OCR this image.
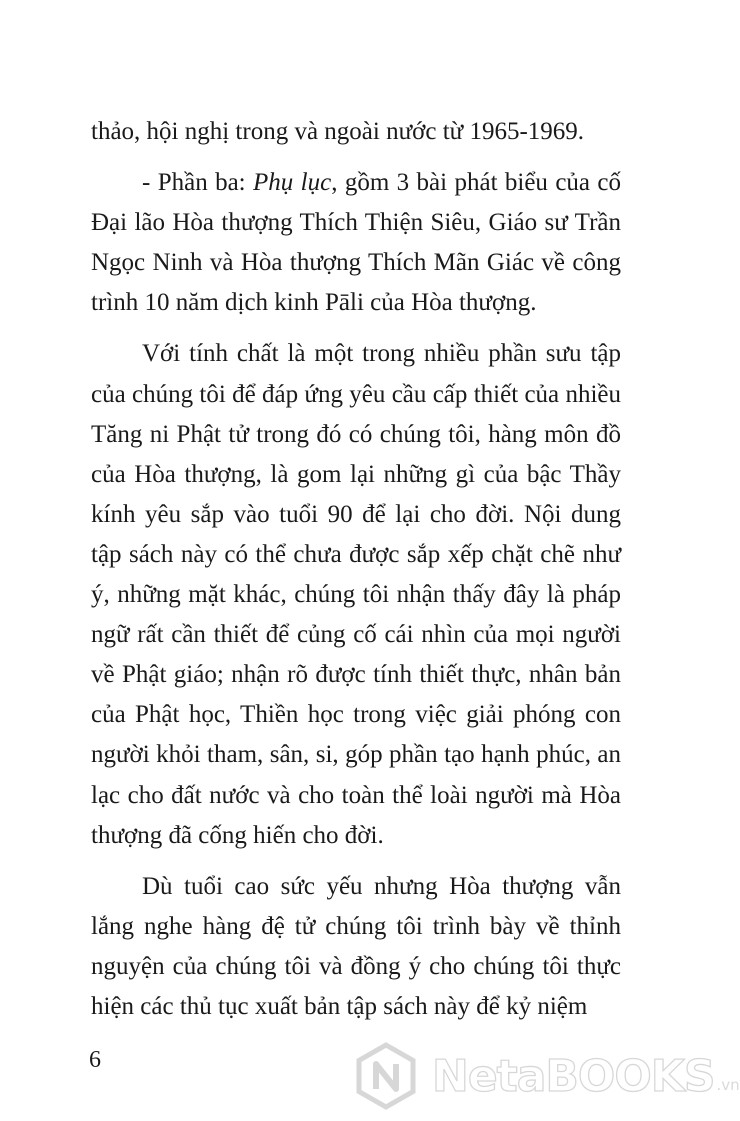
thảo, hội nghị trong và ngoài nước từ 1965-1969.

- Phần ba: Phụ lục, gồm 3 bài phát biểu của cố Đại lão Hòa thượng Thích Thiện Siêu, Giáo sư Trần Ngọc Ninh và Hòa thượng Thích Mãn Giác về công trình 10 năm dịch kinh Pāli của Hòa thượng.

Với tính chất là một trong nhiều phần sưu tập của chúng tôi để đáp ứng yêu cầu cấp thiết của nhiều Tăng ni Phật tử trong đó có chúng tôi, hàng môn đồ của Hòa thượng, là gom lại những gì của bậc Thầy kính yêu sắp vào tuổi 90 để lại cho đời. Nội dung tập sách này có thể chưa được sắp xếp chặt chẽ như ý, những mặt khác, chúng tôi nhận thấy đây là pháp ngữ rất cần thiết để củng cố cái nhìn của mọi người về Phật giáo; nhận rõ được tính thiết thực, nhân bản của Phật học, Thiền học trong việc giải phóng con người khỏi tham, sân, si, góp phần tạo hạnh phúc, an lạc cho đất nước và cho toàn thể loài người mà Hòa thượng đã cống hiến cho đời.

Dù tuổi cao sức yếu nhưng Hòa thượng vẫn lắng nghe hàng đệ tử chúng tôi trình bày về thỉnh nguyện của chúng tôi và đồng ý cho chúng tôi thực hiện các thủ tục xuất bản tập sách này để kỷ niệm

6	NetaBOOKS .vn
